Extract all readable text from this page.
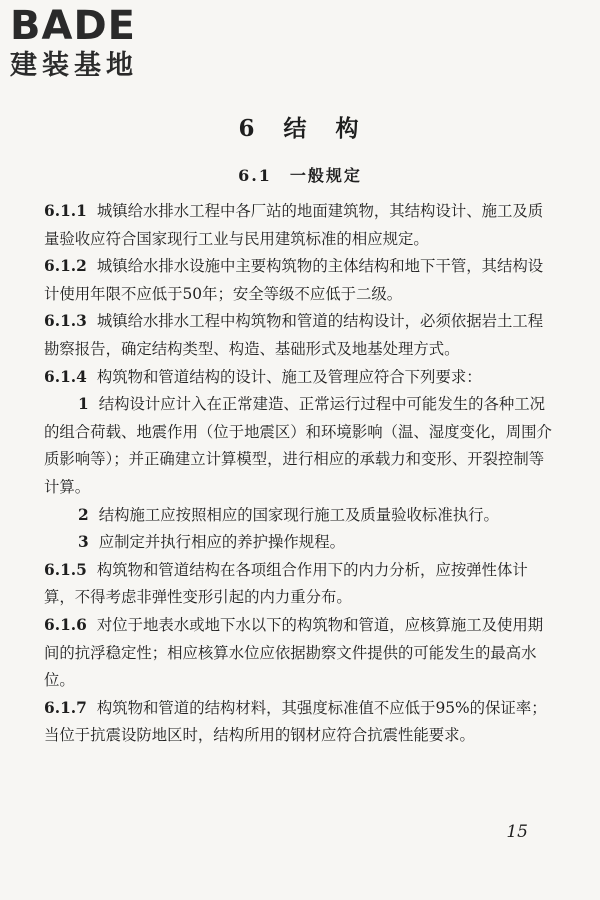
BADE
建装基地
6　 结　构
6.1　 一般规定

6.1.1 城镇给水排水工程中各厂站的地面建筑物，其结构设计、施工及质量验收应符合国家现行工业与民用建筑标准的相应规定。

6.1.2 城镇给水排水设施中主要构筑物的主体结构和地下干管，其结构设计使用年限不应低于50年；安全等级不应低于二级。

6.1.3 城镇给水排水工程中构筑物和管道的结构设计，必须依据岩土工程勘察报告，确定结构类型、构造、基础形式及地基处理方式。

6.1.4 构筑物和管道结构的设计、施工及管理应符合下列要求：

1 结构设计应计入在正常建造、正常运行过程中可能发生的各种工况的组合荷载、地震作用（位于地震区）和环境影响（温、湿度变化，周围介质影响等）；并正确建立计算模型，进行相应的承载力和变形、开裂控制等计算。

2 结构施工应按照相应的国家现行施工及质量验收标准执行。

3 应制定并执行相应的养护操作规程。

6.1.5 构筑物和管道结构在各项组合作用下的内力分析，应按弹性体计算，不得考虑非弹性变形引起的内力重分布。

6.1.6 对位于地表水或地下水以下的构筑物和管道，应核算施工及使用期间的抗浮稳定性；相应核算水位应依据勘察文件提供的可能发生的最高水位。

6.1.7 构筑物和管道的结构材料，其强度标准值不应低于95%的保证率；当位于抗震设防地区时，结构所用的钢材应符合抗震性能要求。

15
